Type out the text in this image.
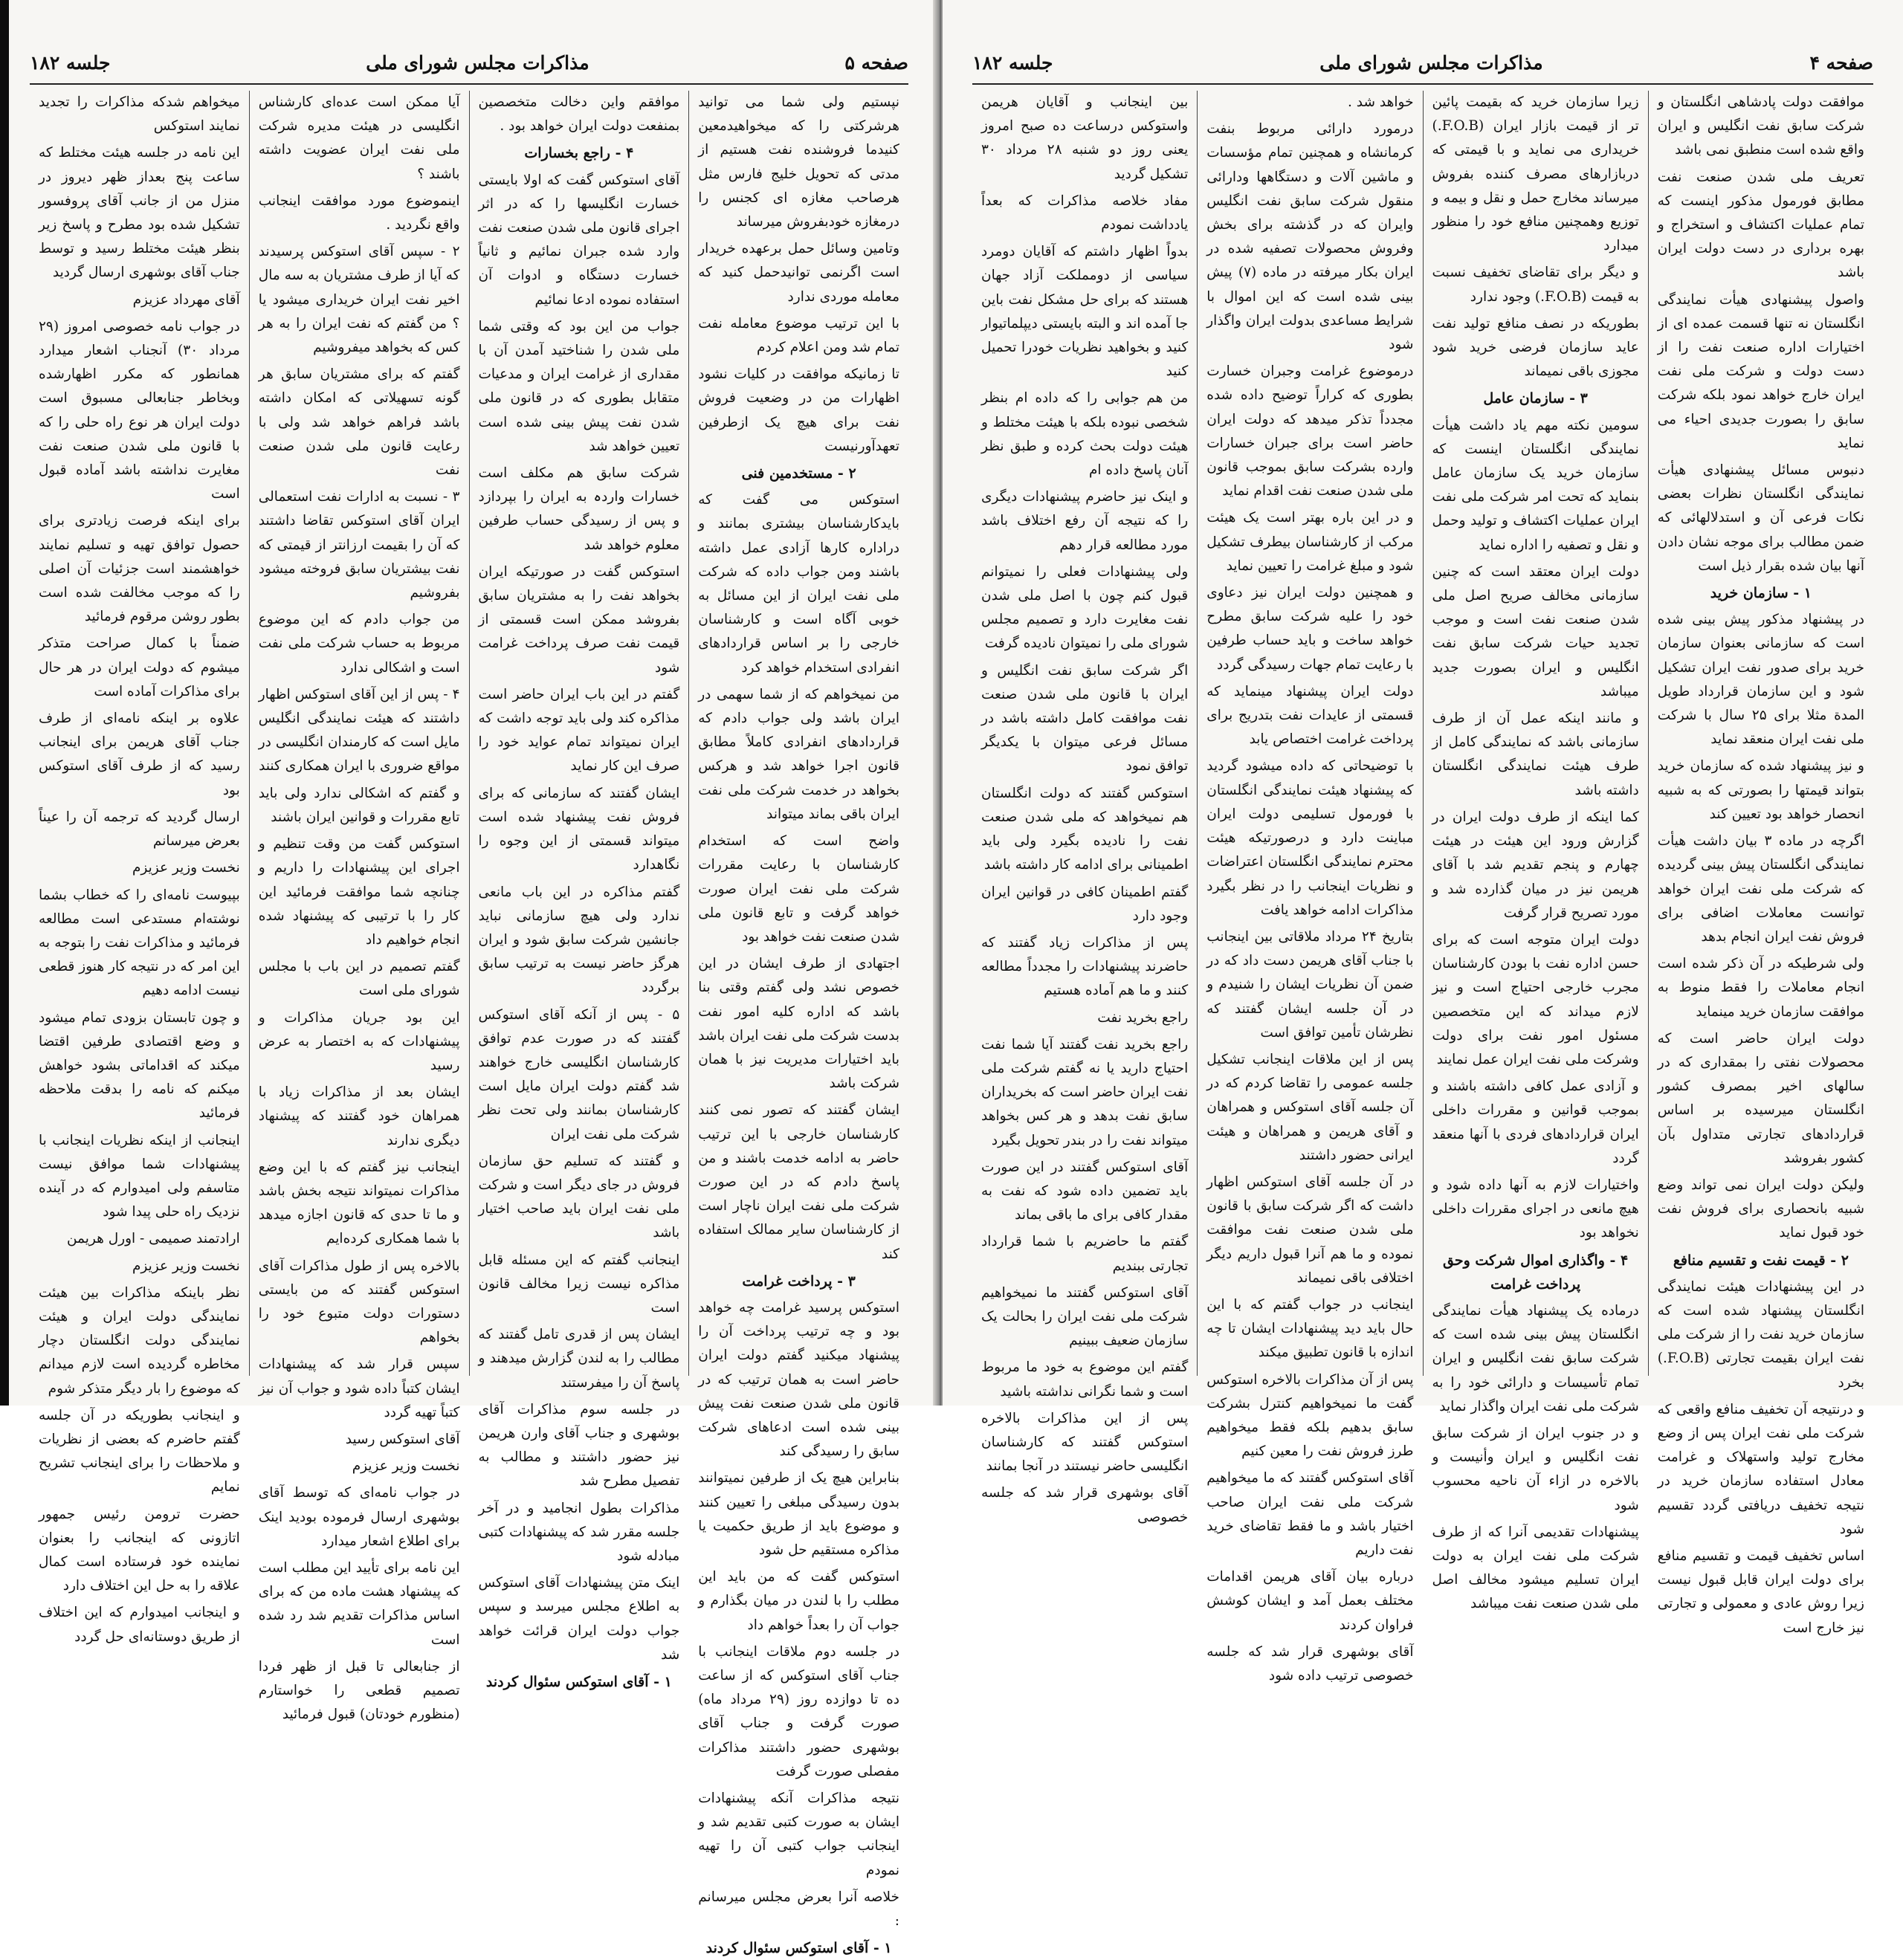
صفحه ۵
مذاکرات مجلس شورای ملی
جلسه ۱۸۲

نپستیم ولی شما می توانید هرشرکتی را که میخواهیدمعین کنیدما فروشنده نفت هستیم از مدتی که تحویل خلیج فارس مثل هرصاحب مغازه ای کجنس را درمغازه خودبفروش میرساند

وتامین وسائل حمل برعهده خریدار است اگرنمی توانیدحمل کنید که معامله موردی ندارد

با این ترتیب موضوع معامله نفت تمام شد ومن اعلام کردم

تا زمانیکه موافقت در کلیات نشود اظهارات من در وضعیت فروش نفت برای هیچ یک ازطرفین تعهدآورنیست

۲ - مستخدمین فنی

استوکس می گفت که بایدکارشناسان بیشتری بمانند و دراداره کارها آزادی عمل داشته باشند ومن جواب داده که شرکت ملی نفت ایران از این مسائل به خوبی آگاه است و کارشناسان خارجی را بر اساس قراردادهای انفرادی استخدام خواهد کرد

من نمیخواهم که از شما سهمی در ایران باشد ولی جواب دادم که قراردادهای انفرادی کاملاً مطابق قانون اجرا خواهد شد و هرکس بخواهد در خدمت شرکت ملی نفت ایران باقی بماند میتواند

واضح است که استخدام کارشناسان با رعایت مقررات شرکت ملی نفت ایران صورت خواهد گرفت و تابع قانون ملی شدن صنعت نفت خواهد بود

اجتهادی از طرف ایشان در این خصوص نشد ولی گفتم وقتی بنا باشد که اداره کلیه امور نفت بدست شرکت ملی نفت ایران باشد باید اختیارات مدیریت نیز با همان شرکت باشد

ایشان گفتند که تصور نمی کنند کارشناسان خارجی با این ترتیب حاضر به ادامه خدمت باشند و من پاسخ دادم که در این صورت شرکت ملی نفت ایران ناچار است از کارشناسان سایر ممالک استفاده کند

۳ - پرداخت غرامت

استوکس پرسید غرامت چه خواهد بود و چه ترتیب پرداخت آن را پیشنهاد میکنید گفتم دولت ایران حاضر است به همان ترتیب که در قانون ملی شدن صنعت نفت پیش بینی شده است ادعاهای شرکت سابق را رسیدگی کند

بنابراین هیچ یک از طرفین نمیتوانند بدون رسیدگی مبلغی را تعیین کنند و موضوع باید از طریق حکمیت یا مذاکره مستقیم حل شود

استوکس گفت که من باید این مطلب را با لندن در میان بگذارم و جواب آن را بعداً خواهم داد

در جلسه دوم ملاقات اینجانب با جناب آقای استوکس که از ساعت ده تا دوازده روز (۲۹ مرداد ماه) صورت گرفت و جناب آقای بوشهری حضور داشتند مذاکرات مفصلی صورت گرفت

نتیجه مذاکرات آنکه پیشنهادات ایشان به صورت کتبی تقدیم شد و اینجانب جواب کتبی آن را تهیه نمودم

خلاصه آنرا بعرض مجلس میرسانم :

۱ - آقای استوکس سئوال کردند

موافقم واین دخالت متخصصین بمنفعت دولت ایران خواهد بود .

۴ - راجع بخسارات

آقای استوکس گفت که اولا بایستی خسارت انگلیسها را که در اثر اجرای قانون ملی شدن صنعت نفت وارد شده جبران نمائیم و ثانیاً خسارت دستگاه و ادوات آن استفاده نموده ادعا نمائیم

جواب من این بود که وقتی شما ملی شدن را شناختید آمدن آن با مقداری از غرامت ایران و مدعیات متقابل بطوری که در قانون ملی شدن نفت پیش بینی شده است تعیین خواهد شد

شرکت سابق هم مکلف است خسارات واردہ به ایران را بپردازد و پس از رسیدگی حساب طرفین معلوم خواهد شد

استوکس گفت در صورتیکه ایران بخواهد نفت را به مشتریان سابق بفروشد ممکن است قسمتی از قیمت نفت صرف پرداخت غرامت شود

گفتم در این باب ایران حاضر است مذاکره کند ولی باید توجه داشت که ایران نمیتواند تمام عواید خود را صرف این کار نماید

ایشان گفتند که سازمانی که برای فروش نفت پیشنهاد شده است میتواند قسمتی از این وجوه را نگاهدارد

گفتم مذاکره در این باب مانعی ندارد ولی هیچ سازمانی نباید جانشین شرکت سابق شود و ایران هرگز حاضر نیست به ترتیب سابق برگردد

۵ - پس از آنکه آقای استوکس گفتند که در صورت عدم توافق کارشناسان انگلیسی خارج خواهند شد گفتم دولت ایران مایل است کارشناسان بمانند ولی تحت نظر شرکت ملی نفت ایران

و گفتند که تسلیم حق سازمان فروش در جای دیگر است و شرکت ملی نفت ایران باید صاحب اختیار باشد

اینجانب گفتم که این مسئله قابل مذاکره نیست زیرا مخالف قانون است

ایشان پس از قدری تامل گفتند که مطالب را به لندن گزارش میدهند و پاسخ آن را میفرستند

در جلسه سوم مذاکرات آقای بوشهری و جناب آقای وارن هریمن نیز حضور داشتند و مطالب به تفصیل مطرح شد

مذاکرات بطول انجامید و در آخر جلسه مقرر شد که پیشنهادات کتبی مبادله شود

اینک متن پیشنهادات آقای استوکس به اطلاع مجلس میرسد و سپس جواب دولت ایران قرائت خواهد شد

۱ - آقای استوکس سئوال کردند

آیا ممکن است عده‌ای کارشناس انگلیسی در هیئت مدیره شرکت ملی نفت ایران عضویت داشته باشند ؟

اینموضوع مورد موافقت اینجانب واقع نگردید .

۲ - سپس آقای استوکس پرسیدند که آیا از طرف مشتریان به سه مال اخیر نفت ایران خریداری میشود یا ؟ من گفتم که نفت ایران را به هر کس که بخواهد میفروشیم

گفتم که برای مشتریان سابق هر گونه تسهیلاتی که امکان داشته باشد فراهم خواهد شد ولی با رعایت قانون ملی شدن صنعت نفت

۳ - نسبت به ادارات نفت استعمالی ایران آقای استوکس تقاضا داشتند که آن را بقیمت ارزانتر از قیمتی که نفت بیشتریان سابق فروخته میشود بفروشیم

من جواب دادم که این موضوع مربوط به حساب شرکت ملی نفت است و اشکالی ندارد

۴ - پس از این آقای استوکس اظهار داشتند که هیئت نمایندگی انگلیس مایل است که کارمندان انگلیسی در مواقع ضروری با ایران همکاری کنند

و گفتم که اشکالی ندارد ولی باید تابع مقررات و قوانین ایران باشند

استوکس گفت من وقت تنظیم و اجرای این پیشنهادات را داریم و چنانچه شما موافقت فرمائید این کار را با ترتیبی که پیشنهاد شده انجام خواهیم داد

گفتم تصمیم در این باب با مجلس شورای ملی است

این بود جریان مذاکرات و پیشنهادات که به اختصار به عرض رسید

ایشان بعد از مذاکرات زیاد با همراهان خود گفتند که پیشنهاد دیگری ندارند

اینجانب نیز گفتم که با این وضع مذاکرات نمیتواند نتیجه بخش باشد و ما تا حدی که قانون اجازه میدهد با شما همکاری کرده‌ایم

بالاخره پس از طول مذاکرات آقای استوکس گفتند که من بایستی دستورات دولت متبوع خود را بخواهم

سپس قرار شد که پیشنهادات ایشان کتباً داده شود و جواب آن نیز کتباً تهیه گردد

آقای استوکس رسید

نخست وزیر عزیزم

در جواب نامه‌ای که توسط آقای بوشهری ارسال فرموده بودید اینک برای اطلاع اشعار میدارد

این نامه برای تأیید این مطلب است که پیشنهاد هشت ماده من که برای اساس مذاکرات تقدیم شد رد شده است

از جنابعالی تا قبل از ظهر فردا تصمیم قطعی را خواستارم (منظورم خودتان) قبول فرمائید

میخواهم شدکه مذاکرات را تجدید نمایند استوکس

این نامه در جلسه هیئت مختلط که ساعت پنج بعداز ظهر دیروز در منزل من از جانب آقای پروفسور تشکیل شده بود مطرح و پاسخ زیر بنظر هیئت مختلط رسید و توسط جناب آقای بوشهری ارسال گردید

آقای مهرداد عزیزم

در جواب نامه خصوصی امروز (۲۹ مرداد ۳۰) آنجناب اشعار میدارد همانطور که مکرر اظهارشده وبخاطر جنابعالی مسبوق است دولت ایران هر نوع راه حلی را که با قانون ملی شدن صنعت نفت مغایرت نداشته باشد آماده قبول است

برای اینکه فرصت زیادتری برای حصول توافق تهیه و تسلیم نمایند خواهشمند است جزئیات آن اصلی را که موجب مخالفت شده است بطور روشن مرقوم فرمائید

ضمناً با کمال صراحت متذکر میشوم که دولت ایران در هر حال برای مذاکرات آماده است

علاوه بر اینکه نامه‌ای از طرف جناب آقای هریمن برای اینجانب رسید که از طرف آقای استوکس بود

ارسال گردید که ترجمه آن را عیناً بعرض میرسانم

نخست وزیر عزیزم

بپیوست نامه‌ای را که خطاب بشما نوشته‌ام مستدعی است مطالعه فرمائید و مذاکرات نفت را بتوجه به این امر که در نتیجه کار هنوز قطعی نیست ادامه دهیم

و چون تابستان بزودی تمام میشود و وضع اقتصادی طرفین اقتضا میکند که اقداماتی بشود خواهش میکنم که نامه را بدقت ملاحظه فرمائید

اینجانب از اینکه نظریات اینجانب با پیشنهادات شما موافق نیست متاسفم ولی امیدوارم که در آینده نزدیک راه حلی پیدا شود

ارادتمند صمیمی - اورل هریمن

نخست وزیر عزیزم

نظر باینکه مذاکرات بین هیئت نمایندگی دولت ایران و هیئت نمایندگی دولت انگلستان دچار مخاطره گردیده است لازم میدانم که موضوع را بار دیگر متذکر شوم

و اینجانب بطوریکه در آن جلسه گفتم حاضرم که بعضی از نظریات و ملاحظات را برای اینجانب تشریح نمایم

حضرت ترومن رئیس جمهور اتازونی که اینجانب را بعنوان نماینده خود فرستاده است کمال علاقه را به حل این اختلاف دارد

و اینجانب امیدوارم که این اختلاف از طریق دوستانه‌ای حل گردد

صفحه ۴
مذاکرات مجلس شورای ملی
جلسه ۱۸۲

موافقت دولت پادشاهی انگلستان و شرکت سابق نفت انگلیس و ایران واقع شده است منطبق نمی باشد

تعریف ملی شدن صنعت نفت مطابق فورمول مذکور اینست که تمام عملیات اکتشاف و استخراج و بهره برداری در دست دولت ایران باشد

واصول پیشنهادی هیأت نمایندگی انگلستان نه تنها قسمت عمده ای از اختیارات اداره صنعت نفت را از دست دولت و شرکت ملی نفت ایران خارج خواهد نمود بلکه شرکت سابق را بصورت جدیدی احیاء می نماید

دنبوس مسائل پیشنهادی هیأت نمایندگی انگلستان نظرات بعضی نکات فرعی آن و استدلالهائی که ضمن مطالب برای موجه نشان دادن آنها بیان شده بقرار ذیل است

۱ - سازمان خرید

در پیشنهاد مذکور پیش بینی شده است که سازمانی بعنوان سازمان خرید برای صدور نفت ایران تشکیل شود و این سازمان قرارداد طویل المدة مثلا برای ۲۵ سال با شرکت ملی نفت ایران منعقد نماید

و نیز پیشنهاد شده که سازمان خرید بتواند قیمتها را بصورتی که به شبیه انحصار خواهد بود تعیین کند

اگرچه در ماده ۳ بیان داشت هیأت نمایندگی انگلستان پیش بینی گردیده که شرکت ملی نفت ایران خواهد توانست معاملات اضافی برای فروش نفت ایران انجام بدهد

ولی شرطیکه در آن ذکر شده است انجام معاملات را فقط منوط به موافقت سازمان خرید مینماید

دولت ایران حاضر است که محصولات نفتی را بمقداری که در سالهای اخیر بمصرف کشور انگلستان میرسیده بر اساس قراردادهای تجارتی متداول بآن کشور بفروشد

ولیکن دولت ایران نمی تواند وضع شبیه بانحصاری برای فروش نفت خود قبول نماید

۲ - قیمت نفت و تقسیم منافع

در این پیشنهادات هیئت نمایندگی انگلستان پیشنهاد شده است که سازمان خرید نفت را از شرکت ملی نفت ایران بقیمت تجارتی (F.O.B.) بخرد

و درنتیجه آن تخفیف منافع واقعی که شرکت ملی نفت ایران پس از وضع مخارج تولید واستهلاک و غرامت معادل استفاده سازمان خرید در نتیجه تخفیف دریافتی گردد تقسیم شود

اساس تخفیف قیمت و تقسیم منافع برای دولت ایران قابل قبول نیست زیرا روش عادی و معمولی و تجارتی نیز خارج است

زیرا سازمان خرید که بقیمت پائین تر از قیمت بازار ایران (F.O.B.) خریداری می نماید و با قیمتی که دربازارهای مصرف کننده بفروش میرساند مخارج حمل و نقل و بیمه و توزیع وهمچنین منافع خود را منظور میدارد

و دیگر برای تقاضای تخفیف نسبت به قیمت (F.O.B.) وجود ندارد

بطوریکه در نصف منافع تولید نفت عاید سازمان فرضی خرید شود مجوزی باقی نمیماند

۳ - سازمان عامل

سومین نکته مهم یاد داشت هیأت نمایندگی انگلستان اینست که سازمان خرید یک سازمان عامل بنماید که تحت امر شرکت ملی نفت ایران عملیات اکتشاف و تولید وحمل و نقل و تصفیه را اداره نماید

دولت ایران معتقد است که چنین سازمانی مخالف صریح اصل ملی شدن صنعت نفت است و موجب تجدید حیات شرکت سابق نفت انگلیس و ایران بصورت جدید میباشد

و مانند اینکه عمل آن از طرف سازمانی باشد که نمایندگی کامل از طرف هیئت نمایندگی انگلستان داشته باشد

کما اینکه از طرف دولت ایران در گزارش ورود این هیئت در هیئت چهارم و پنجم تقدیم شد با آقای هریمن نیز در میان گذارده شد و مورد تصریح قرار گرفت

دولت ایران متوجه است که برای حسن اداره نفت با بودن کارشناسان مجرب خارجی احتیاج است و نیز لازم میداند که این متخصصین مسئول امور نفت برای دولت وشرکت ملی نفت ایران عمل نمایند

و آزادی عمل کافی داشته باشند و بموجب قوانین و مقررات داخلی ایران قراردادهای فردی با آنها منعقد گردد

واختیارات لازم به آنها داده شود و هیچ مانعی در اجرای مقررات داخلی نخواهد بود

۴ - واگذاری اموال شرکت وحق پرداخت غرامت

درماده یک پیشنهاد هیأت نمایندگی انگلستان پیش بینی شده است که شرکت سابق نفت انگلیس و ایران تمام تأسیسات و دارائی خود را به شرکت ملی نفت ایران واگذار نماید

و در جنوب ایران از شرکت سابق نفت انگلیس و ایران وأنیست و بالاخره در ازاء آن ناحیه محسوب شود

پیشنهادات تقدیمی آنرا که از طرف شرکت ملی نفت ایران به دولت ایران تسلیم میشود مخالف اصل ملی شدن صنعت نفت میباشد

خواهد شد .

درمورد دارائی مربوط بنفت کرمانشاه و همچنین تمام مؤسسات و ماشین آلات و دستگاهها ودارائی منقول شرکت سابق نفت انگلیس وایران که در گذشته برای بخش وفروش محصولات تصفیه شده در ایران بکار میرفته در ماده (۷) پیش بینی شده است که این اموال با شرایط مساعدی بدولت ایران واگذار شود

درموضوع غرامت وجبران خسارت بطوری که کراراً توضیح داده شده مجدداً تذکر میدهد که دولت ایران حاضر است برای جبران خسارات وارده بشرکت سابق بموجب قانون ملی شدن صنعت نفت اقدام نماید

و در این باره بهتر است یک هیئت مرکب از کارشناسان بیطرف تشکیل شود و مبلغ غرامت را تعیین نماید

و همچنین دولت ایران نیز دعاوی خود را علیه شرکت سابق مطرح خواهد ساخت و باید حساب طرفین با رعایت تمام جهات رسیدگی گردد

دولت ایران پیشنهاد مینماید که قسمتی از عایدات نفت بتدریج برای پرداخت غرامت اختصاص یابد

با توضیحاتی که داده میشود گردید که پیشنهاد هیئت نمایندگی انگلستان با فورمول تسلیمی دولت ایران مباینت دارد و درصورتیکه هیئت محترم نمایندگی انگلستان اعتراضات و نظریات اینجانب را در نظر بگیرد مذاکرات ادامه خواهد یافت

بتاریخ ۲۴ مرداد ملاقاتی بین اینجانب با جناب آقای هریمن دست داد که در ضمن آن نظریات ایشان را شنیدم و در آن جلسه ایشان گفتند که نظرشان تأمین توافق است

پس از این ملاقات اینجانب تشکیل جلسه عمومی را تقاضا کردم که در آن جلسه آقای استوکس و همراهان و آقای هریمن و همراهان و هیئت ایرانی حضور داشتند

در آن جلسه آقای استوکس اظهار داشت که اگر شرکت سابق با قانون ملی شدن صنعت نفت موافقت نموده و ما هم آنرا قبول داریم دیگر اختلافی باقی نمیماند

اینجانب در جواب گفتم که با این حال باید دید پیشنهادات ایشان تا چه اندازه با قانون تطبیق میکند

پس از آن مذاکرات بالاخره استوکس گفت ما نمیخواهیم کنترل بشرکت سابق بدهیم بلکه فقط میخواهیم طرز فروش نفت را معین کنیم

آقای استوکس گفتند که ما میخواهیم شرکت ملی نفت ایران صاحب اختیار باشد و ما فقط تقاضای خرید نفت داریم

درباره بیان آقای هریمن اقدامات مختلف بعمل آمد و ایشان کوشش فراوان کردند

آقای بوشهری قرار شد که جلسه خصوصی ترتیب داده شود

بین اینجانب و آقایان هریمن واستوکس درساعت ده صبح امروز یعنی روز دو شنبه ۲۸ مرداد ۳۰ تشکیل گردید

مفاد خلاصه مذاکرات که بعداً یادداشت نمودم

بدواً اظهار داشتم که آقایان دومرد سیاسی از دومملکت آزاد جهان هستند که برای حل مشکل نفت باین جا آمده اند و البته بایستی دیپلماتیوار کنید و بخواهید نظریات خودرا تحمیل کنید

من هم جوابی را که داده ام بنظر شخصی نبوده بلکه با هیئت مختلط و هیئت دولت بحث کرده و طبق نظر آنان پاسخ داده ام

و اینک نیز حاضرم پیشنهادات دیگری را که نتیجه آن رفع اختلاف باشد مورد مطالعه قرار دهم

ولی پیشنهادات فعلی را نمیتوانم قبول کنم چون با اصل ملی شدن نفت مغایرت دارد و تصمیم مجلس شورای ملی را نمیتوان نادیده گرفت

اگر شرکت سابق نفت انگلیس و ایران با قانون ملی شدن صنعت نفت موافقت کامل داشته باشد در مسائل فرعی میتوان با یکدیگر توافق نمود

استوکس گفتند که دولت انگلستان هم نمیخواهد که ملی شدن صنعت نفت را نادیده بگیرد ولی باید اطمینانی برای ادامه کار داشته باشد

گفتم اطمینان کافی در قوانین ایران وجود دارد

پس از مذاکرات زیاد گفتند که حاضرند پیشنهادات را مجدداً مطالعه کنند و ما هم آماده هستیم

راجع بخرید نفت

راجع بخرید نفت گفتند آیا شما نفت احتیاج دارید یا نه گفتم شرکت ملی نفت ایران حاضر است که بخریداران سابق نفت بدهد و هر کس بخواهد میتواند نفت را در بندر تحویل بگیرد

آقای استوکس گفتند در این صورت باید تضمین داده شود که نفت به مقدار کافی برای ما باقی بماند

گفتم ما حاضریم با شما قرارداد تجارتی ببندیم

آقای استوکس گفتند ما نمیخواهیم شرکت ملی نفت ایران را بحالت یک سازمان ضعیف ببینیم

گفتم این موضوع به خود ما مربوط است و شما نگرانی نداشته باشید

پس از این مذاکرات بالاخره استوکس گفتند که کارشناسان انگلیسی حاضر نیستند در آنجا بمانند

آقای بوشهری قرار شد که جلسه خصوصی
